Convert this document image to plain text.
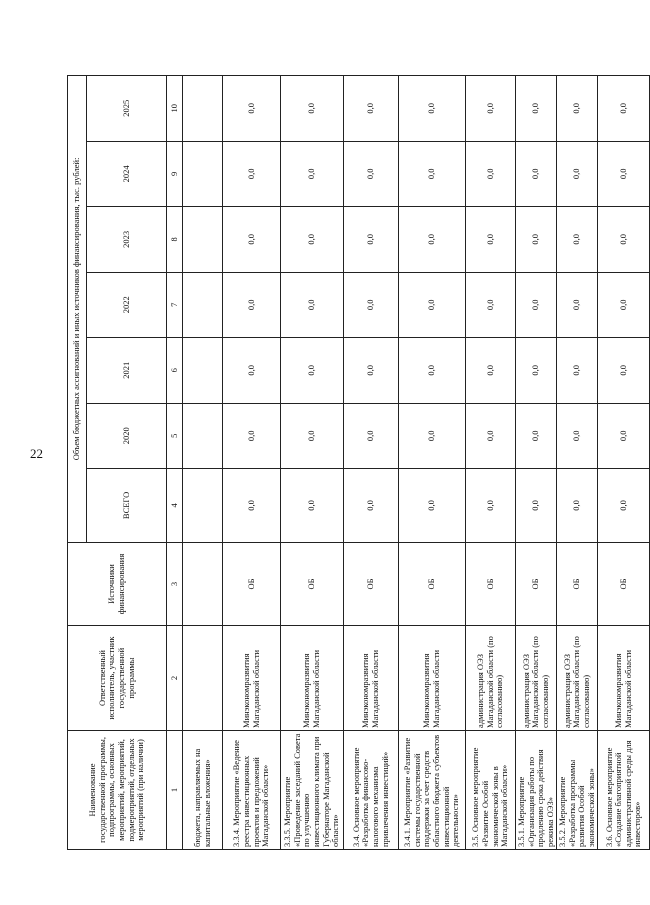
22
Наименование государственной программы, подпрограммы, основных мероприятий, мероприятий, подмероприятий, отдельных мероприятий (при наличии)	Ответственный исполнитель, участник государственной программы	Источники финансирования	Объем бюджетных ассигнований и иных источников финансирования, тыс. рублей:						
			ВСЕГО	2020	2021	2022	2023	2024	2025
1	2	3	4	5	6	7	8	9	10
бюджета, направляемых на капитальные вложения»									
3.3.4. Мероприятие «Ведение реестра инвестиционных проектов и предложений Магаданской области»	Минэкономразвития Магаданской области	ОБ	0,0	0,0	0,0	0,0	0,0	0,0	0,0
3.3.5. Мероприятие «Проведение заседаний Совета по улучшению инвестиционного климата при Губернаторе Магаданской области»	Минэкономразвития Магаданской области	ОБ	0,0	0,0	0,0	0,0	0,0	0,0	0,0
3.4. Основное мероприятие «Разработка финансово-налогового механизма привлечения инвестиций»	Минэкономразвития Магаданской области	ОБ	0,0	0,0	0,0	0,0	0,0	0,0	0,0
3.4.1. Мероприятие «Развитие системы государственной поддержки за счет средств областного бюджета субъектов инвестиционной деятельности»	Минэкономразвития Магаданской области	ОБ	0,0	0,0	0,0	0,0	0,0	0,0	0,0
3.5. Основное мероприятие «Развитие Особой экономической зоны в Магаданской области»	администрация ОЭЗ Магаданской области (по согласованию)	ОБ	0,0	0,0	0,0	0,0	0,0	0,0	0,0
3.5.1. Мероприятие «Организация работы по продлению срока действия режима ОЭЗ»	администрация ОЭЗ Магаданской области (по согласованию)	ОБ	0,0	0,0	0,0	0,0	0,0	0,0	0,0
3.5.2. Мероприятие «Разработка программы развития Особой экономической зоны»	администрация ОЭЗ Магаданской области (по согласованию)	ОБ	0,0	0,0	0,0	0,0	0,0	0,0	0,0
3.6. Основное мероприятие «Создание благоприятной административной среды для инвесторов»	Минэкономразвития Магаданской области	ОБ	0,0	0,0	0,0	0,0	0,0	0,0	0,0
